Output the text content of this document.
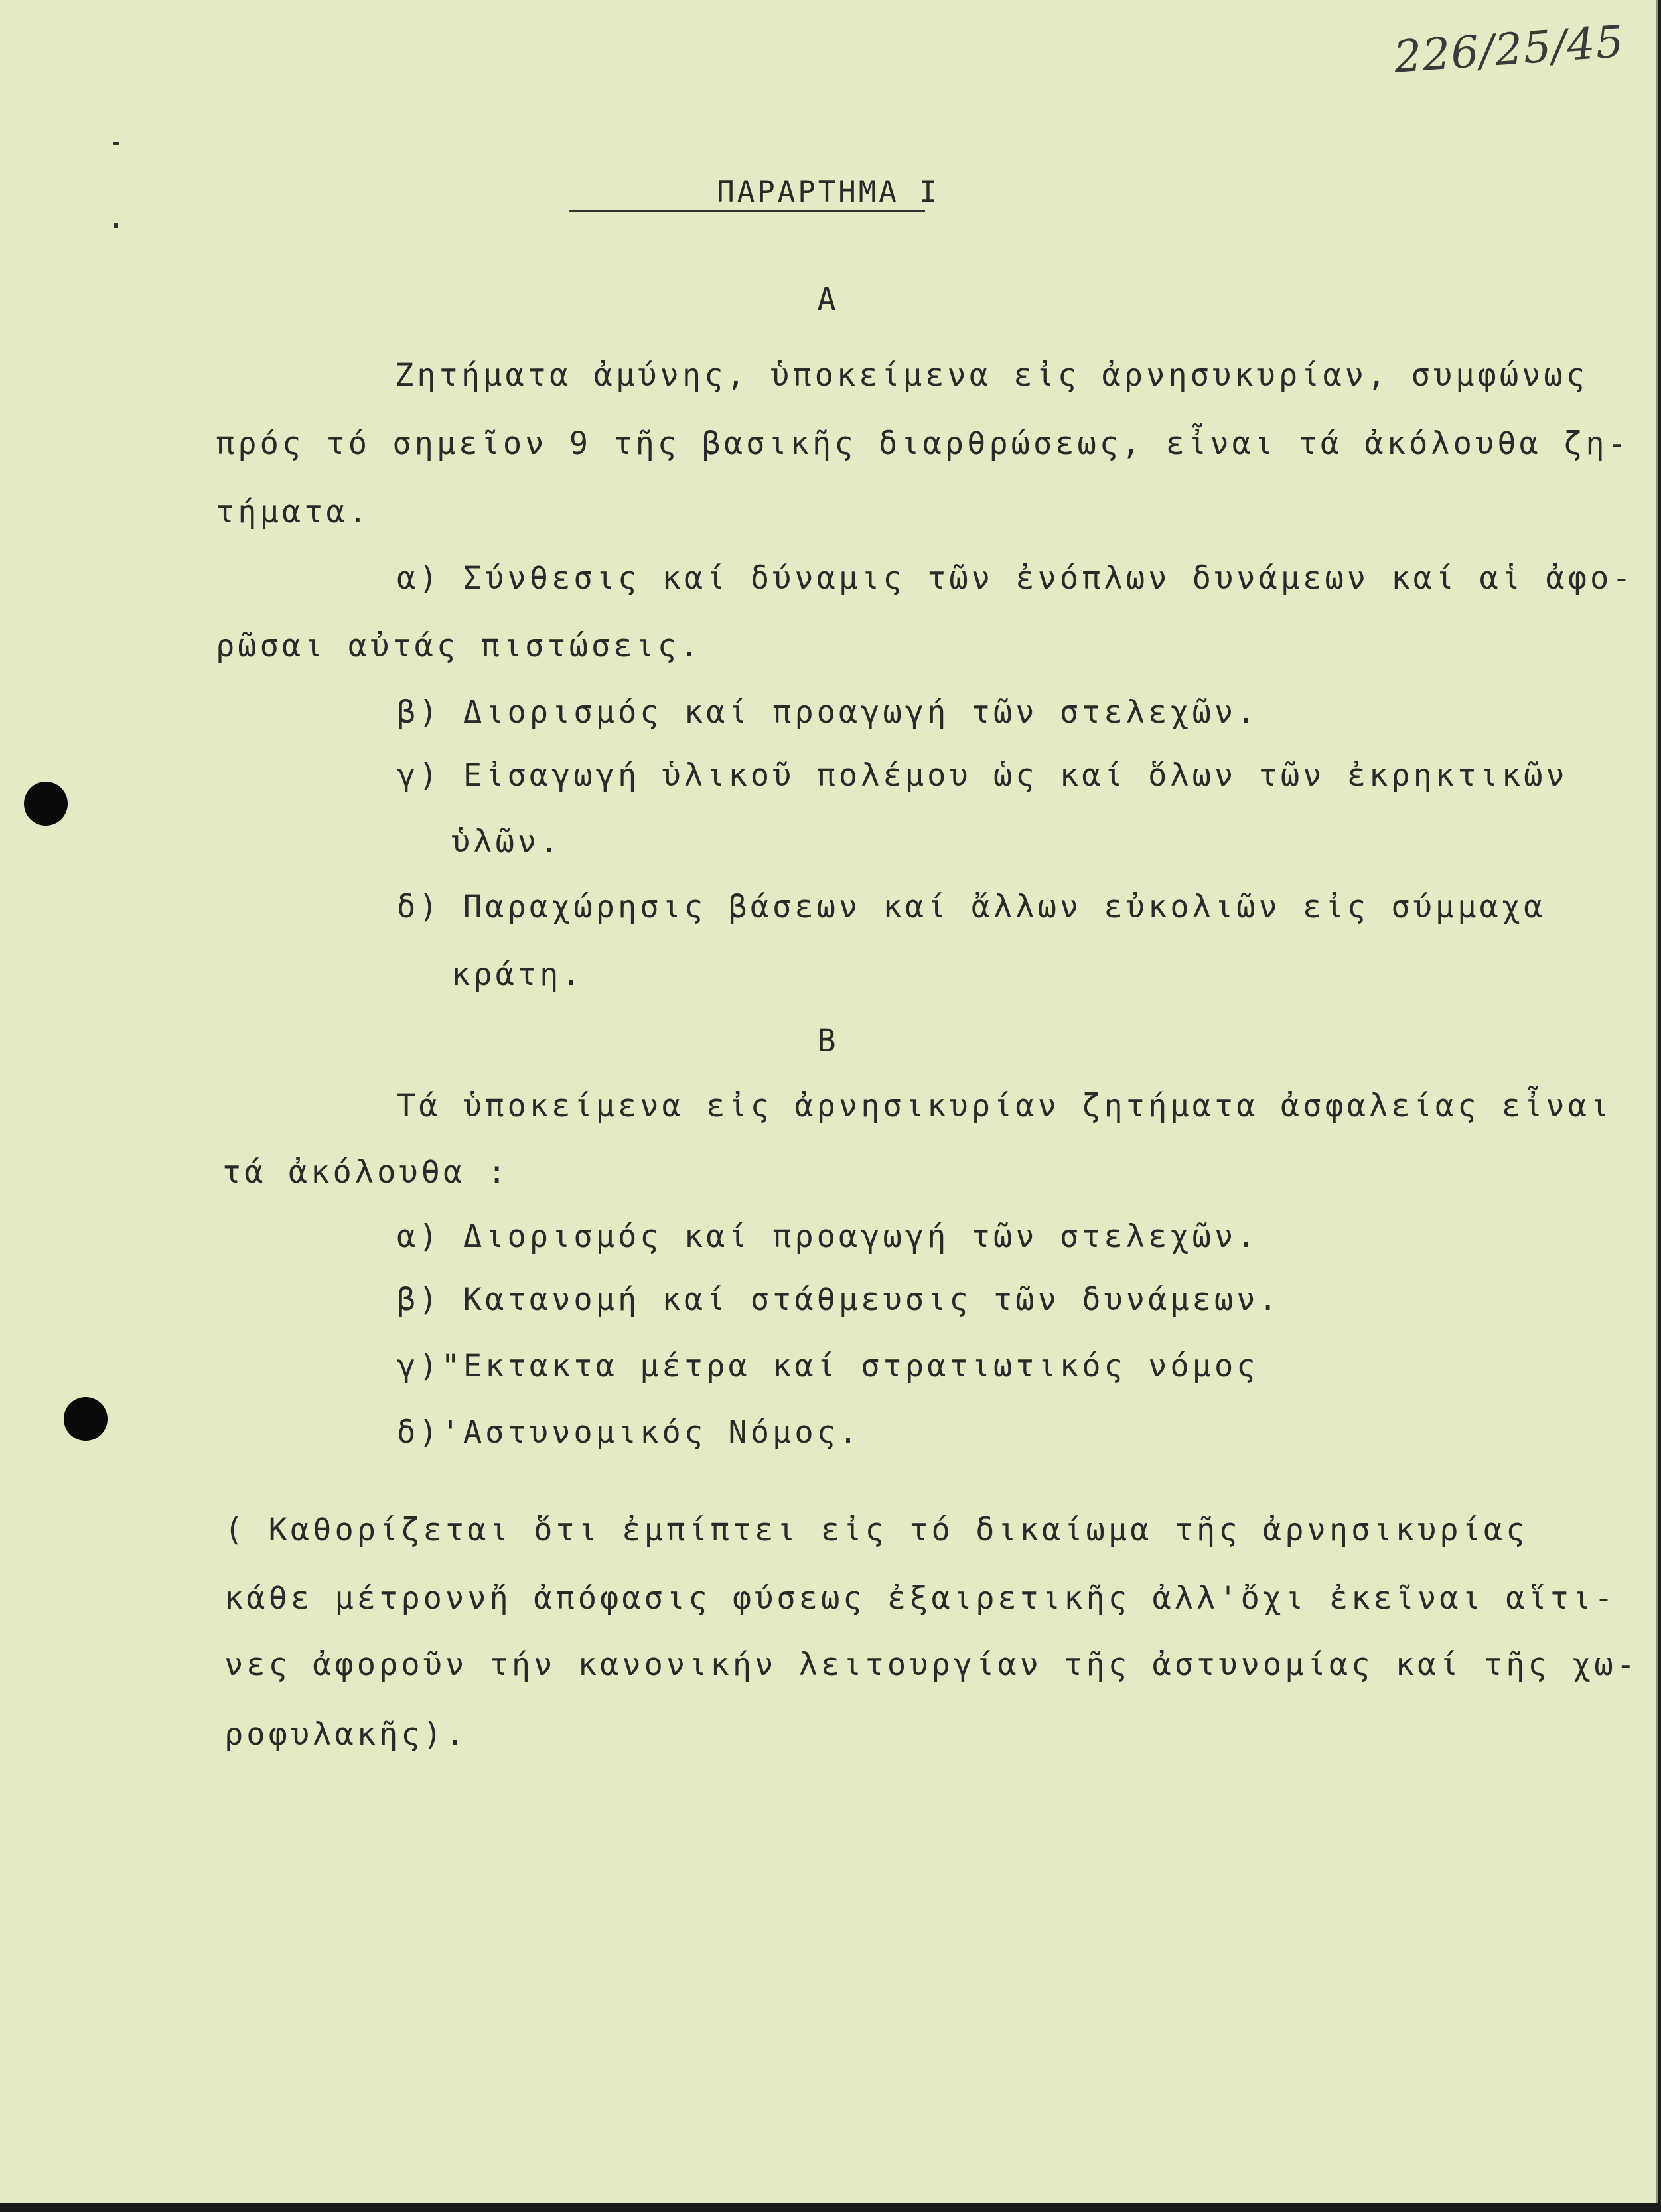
226/25/45
ΠΑΡΑΡΤΗΜΑ Ι
Α
Ζητήματα ἀμύνης, ὑποκείμενα εἰς ἀρνησυκυρίαν, συμφώνως
πρός τό σημεῖον 9 τῆς βασικῆς διαρθρώσεως, εἶναι τά ἀκόλουθα ζη-
τήματα.
α) Σύνθεσις καί δύναμις τῶν ἐνόπλων δυνάμεων καί αἱ ἀφο-
ρῶσαι αὐτάς πιστώσεις.
β) Διορισμός καί προαγωγή τῶν στελεχῶν.
γ) Εἰσαγωγή ὑλικοῦ πολέμου ὡς καί ὅλων τῶν ἐκρηκτικῶν
ὑλῶν.
δ) Παραχώρησις βάσεων καί ἄλλων εὐκολιῶν εἰς σύμμαχα
κράτη.
Β
Τά ὑποκείμενα εἰς ἀρνησικυρίαν ζητήματα ἀσφαλείας εἶναι
τά ἀκόλουθα :
α) Διορισμός καί προαγωγή τῶν στελεχῶν.
β) Κατανομή καί στάθμευσις τῶν δυνάμεων.
γ)"Εκτακτα μέτρα καί στρατιωτικός νόμος
δ)'Αστυνομικός Νόμος.
( Καθορίζεται ὅτι ἐμπίπτει εἰς τό δικαίωμα τῆς ἀρνησικυρίας
κάθε μέτροννἤ ἀπόφασις φύσεως ἐξαιρετικῆς ἀλλ'ὄχι ἐκεῖναι αἵτι-
νες ἀφοροῦν τήν κανονικήν λειτουργίαν τῆς ἀστυνομίας καί τῆς χω-
ροφυλακῆς).
